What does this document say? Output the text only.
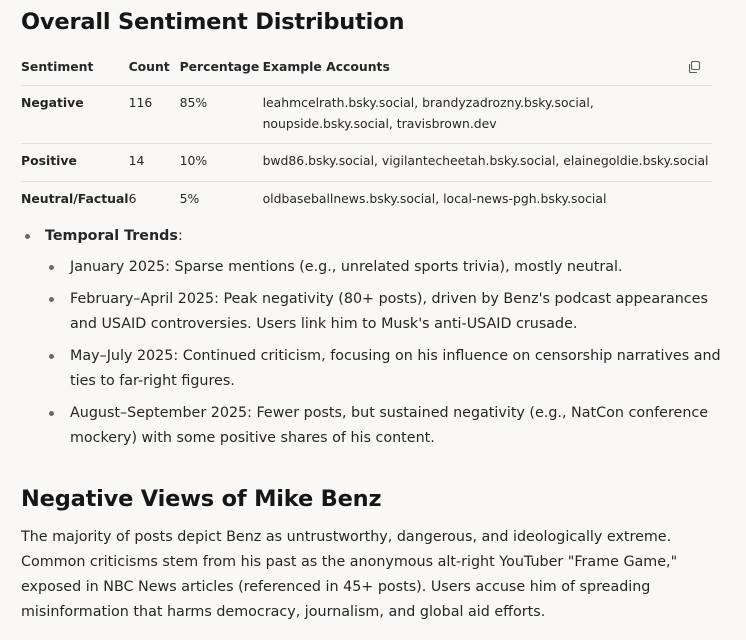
Overall Sentiment Distribution
Sentiment	Count	Percentage	Example Accounts
Negative	116	85%	leahmcelrath.bsky.social, brandyzadrozny.bsky.social, noupside.bsky.social, travisbrown.dev
Positive	14	10%	bwd86.bsky.social, vigilantecheetah.bsky.social, elainegoldie.bsky.social
Neutral/Factual	6	5%	oldbaseballnews.bsky.social, local-news-pgh.bsky.social
Temporal Trends:
January 2025: Sparse mentions (e.g., unrelated sports trivia), mostly neutral.
February–April 2025: Peak negativity (80+ posts), driven by Benz's podcast appearances and USAID controversies. Users link him to Musk's anti-USAID crusade.
May–July 2025: Continued criticism, focusing on his influence on censorship narratives and ties to far-right figures.
August–September 2025: Fewer posts, but sustained negativity (e.g., NatCon conference mockery) with some positive shares of his content.
Negative Views of Mike Benz

The majority of posts depict Benz as untrustworthy, dangerous, and ideologically extreme. Common criticisms stem from his past as the anonymous alt-right YouTuber "Frame Game," exposed in NBC News articles (referenced in 45+ posts). Users accuse him of spreading misinformation that harms democracy, journalism, and global aid efforts.
